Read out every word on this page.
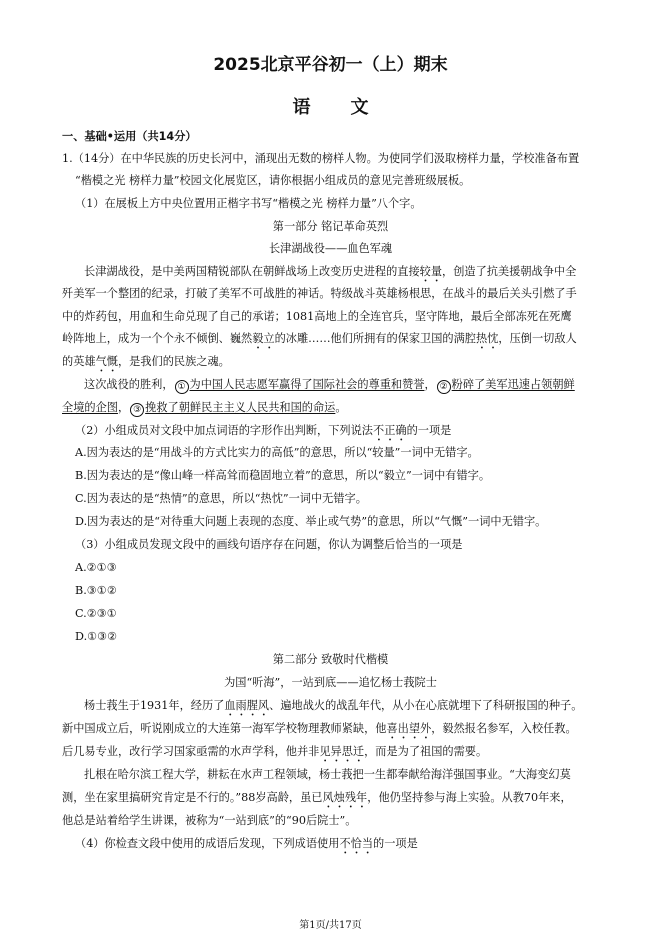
2025北京平谷初一（上）期末
语 文
一、基础•运用（共14分）
1.（14分）在中华民族的历史长河中，涌现出无数的榜样人物。为使同学们汲取榜样力量，学校准备布置
“楷模之光 榜样力量”校园文化展览区，请你根据小组成员的意见完善班级展板。
（1）在展板上方中央位置用正楷字书写“楷模之光 榜样力量”八个字。
第一部分 铭记革命英烈
长津湖战役——血色军魂
长津湖战役，是中美两国精锐部队在朝鲜战场上改变历史进程的直接较量，创造了抗美援朝战争中全
歼美军一个整团的纪录，打破了美军不可战胜的神话。特级战斗英雄杨根思，在战斗的最后关头引燃了手
中的炸药包，用血和生命兑现了自己的承诺；1081高地上的全连官兵，坚守阵地，最后全部冻死在死鹰
岭阵地上，成为一个个永不倾倒、巍然毅立的冰雕……他们所拥有的保家卫国的满腔热忱，压倒一切敌人
的英雄气慨，是我们的民族之魂。
这次战役的胜利， ① 为中国人民志愿军赢得了国际社会的尊重和赞誉， ② 粉碎了美军迅速占领朝鲜
全境的企图， ③ 挽救了朝鲜民主主义人民共和国的命运。
（2）小组成员对文段中加点词语的字形作出判断，下列说法不正确的一项是
A.因为表达的是“用战斗的方式比实力的高低”的意思，所以“较量”一词中无错字。
B.因为表达的是“像山峰一样高耸而稳固地立着”的意思，所以“毅立”一词中有错字。
C.因为表达的是“热情”的意思，所以“热忱”一词中无错字。
D.因为表达的是“对待重大问题上表现的态度、举止或气势”的意思，所以“气慨”一词中无错字。
（3）小组成员发现文段中的画线句语序存在问题，你认为调整后恰当的一项是
A.②①③
B.③①②
C.②③①
D.①③②
第二部分 致敬时代楷模
为国“听海”，一站到底——追忆杨士莪院士
杨士莪生于1931年，经历了血雨腥风、遍地战火的战乱年代，从小在心底就埋下了科研报国的种子。
新中国成立后，听说刚成立的大连第一海军学校物理教师紧缺，他喜出望外，毅然报名参军，入校任教。
后几易专业，改行学习国家亟需的水声学科，他并非见异思迁，而是为了祖国的需要。
扎根在哈尔滨工程大学，耕耘在水声工程领域，杨士莪把一生都奉献给海洋强国事业。“大海变幻莫
测，坐在家里搞研究肯定是不行的。”88岁高龄，虽已风烛残年，他仍坚持参与海上实验。从教70年来，
他总是站着给学生讲课，被称为“一站到底”的“90后院士”。
（4）你检查文段中使用的成语后发现，下列成语使用不恰当的一项是
第1页/共17页
